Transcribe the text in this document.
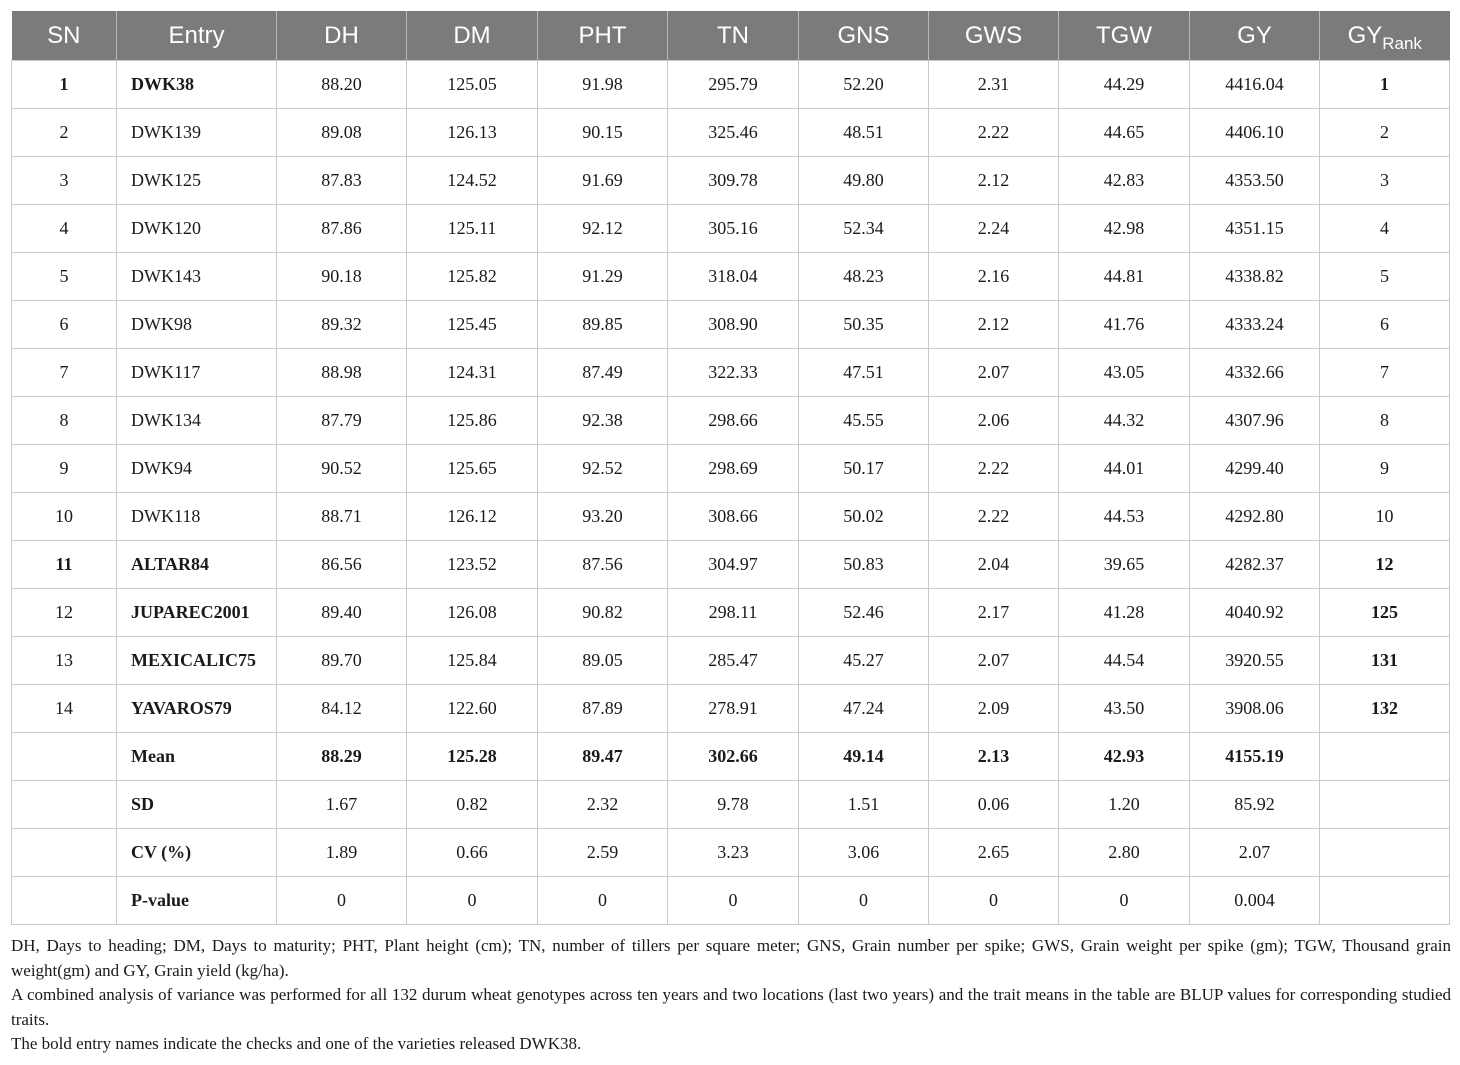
SN	Entry	DH	DM	PHT	TN	GNS	GWS	TGW	GY	$GY_{Rank}$
1	DWK38	88.20	125.05	91.98	295.79	52.20	2.31	44.29	4416.04	1
2	DWK139	89.08	126.13	90.15	325.46	48.51	2.22	44.65	4406.10	2
3	DWK125	87.83	124.52	91.69	309.78	49.80	2.12	42.83	4353.50	3
4	DWK120	87.86	125.11	92.12	305.16	52.34	2.24	42.98	4351.15	4
5	DWK143	90.18	125.82	91.29	318.04	48.23	2.16	44.81	4338.82	5
6	DWK98	89.32	125.45	89.85	308.90	50.35	2.12	41.76	4333.24	6
7	DWK117	88.98	124.31	87.49	322.33	47.51	2.07	43.05	4332.66	7
8	DWK134	87.79	125.86	92.38	298.66	45.55	2.06	44.32	4307.96	8
9	DWK94	90.52	125.65	92.52	298.69	50.17	2.22	44.01	4299.40	9
10	DWK118	88.71	126.12	93.20	308.66	50.02	2.22	44.53	4292.80	10
11	ALTAR84	86.56	123.52	87.56	304.97	50.83	2.04	39.65	4282.37	12
12	JUPAREC2001	89.40	126.08	90.82	298.11	52.46	2.17	41.28	4040.92	125
13	MEXICALIC75	89.70	125.84	89.05	285.47	45.27	2.07	44.54	3920.55	131
14	YAVAROS79	84.12	122.60	87.89	278.91	47.24	2.09	43.50	3908.06	132
	Mean	88.29	125.28	89.47	302.66	49.14	2.13	42.93	4155.19	
	SD	1.67	0.82	2.32	9.78	1.51	0.06	1.20	85.92	
	CV (%)	1.89	0.66	2.59	3.23	3.06	2.65	2.80	2.07	
	P-value	0	0	0	0	0	0	0	0.004	

DH, Days to heading; DM, Days to maturity; PHT, Plant height (cm); TN, number of tillers per square meter; GNS, Grain number per spike; GWS, Grain weight per spike (gm); TGW, Thousand grain weight(gm) and GY, Grain yield (kg/ha).

A combined analysis of variance was performed for all 132 durum wheat genotypes across ten years and two locations (last two years) and the trait means in the table are BLUP values for corresponding studied traits.

The bold entry names indicate the checks and one of the varieties released DWK38.
